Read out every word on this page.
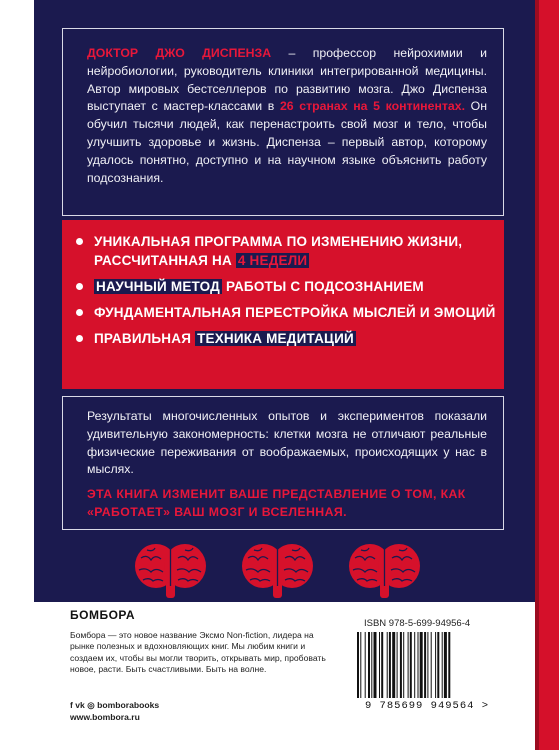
ДОКТОР ДЖО ДИСПЕНЗА – профессор нейрохимии и нейробиологии, руководитель клиники интегрированной медицины. Автор мировых бестселлеров по развитию мозга. Джо Диспенза выступает с мастер-классами в 26 странах на 5 континентах. Он обучил тысячи людей, как перенастроить свой мозг и тело, чтобы улучшить здоровье и жизнь. Диспенза – первый автор, которому удалось понятно, доступно и на научном языке объяснить работу подсознания.

УНИКАЛЬНАЯ ПРОГРАММА ПО ИЗМЕНЕНИЮ ЖИЗНИ, РАССЧИТАННАЯ НА 4 НЕДЕЛИ
НАУЧНЫЙ МЕТОД РАБОТЫ С ПОДСОЗНАНИЕМ
ФУНДАМЕНТАЛЬНАЯ ПЕРЕСТРОЙКА МЫСЛЕЙ И ЭМОЦИЙ
ПРАВИЛЬНАЯ ТЕХНИКА МЕДИТАЦИЙ

Результаты многочисленных опытов и экспериментов показали удивительную закономерность: клетки мозга не отличают реальные физические переживания от воображаемых, происходящих у нас в мыслях.

ЭТА КНИГА ИЗМЕНИТ ВАШЕ ПРЕДСТАВЛЕНИЕ О ТОМ, КАК «РАБОТАЕТ» ВАШ МОЗГ И ВСЕЛЕННАЯ.

БОМБОРА

Бомбора — это новое название Эксмо Non-fiction, лидера на рынке полезных и вдохновляющих книг. Мы любим книги и создаем их, чтобы вы могли творить, открывать мир, пробовать новое, расти. Быть счастливыми. Быть на волне.

f vk ◎ bomborabooks
www.bombora.ru
ISBN 978-5-699-94956-4
9 785699 949564 >
